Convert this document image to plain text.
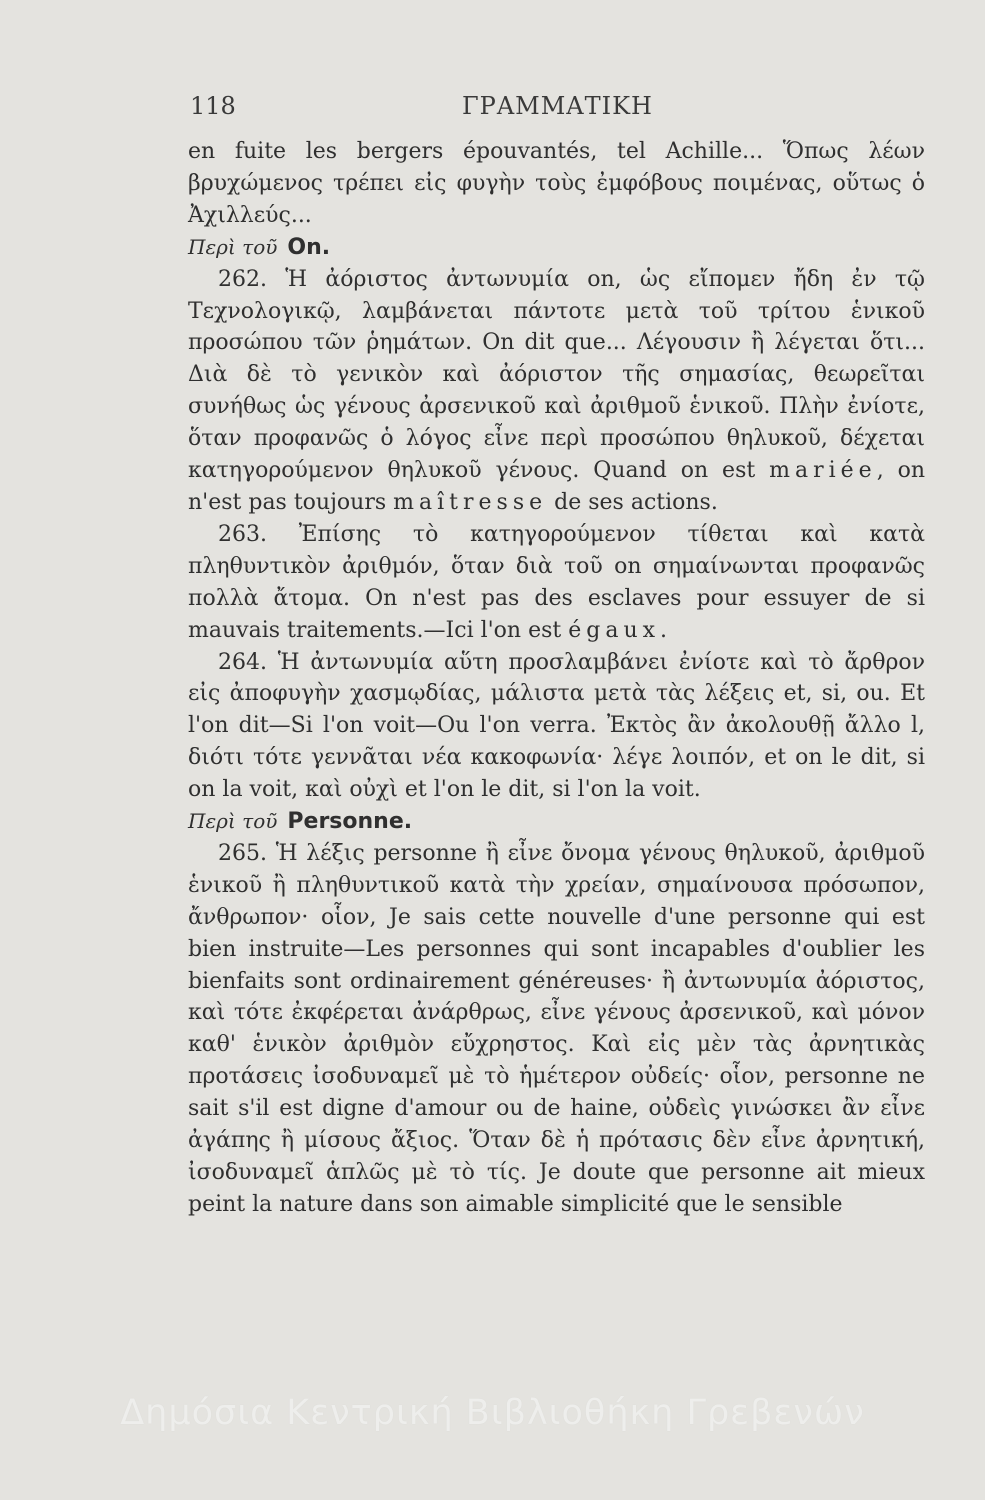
118	ΓΡΑΜΜΑΤΙΚΗ

en fuite les bergers épouvantés, tel Achille... Ὅπως λέων βρυχώμενος τρέπει εἰς φυγὴν τοὺς ἐμφόβους ποιμένας, οὕτως ὁ Ἀχιλλεύς...

Περὶ τοῦ On.

262. Ἡ ἀόριστος ἀντωνυμία on, ὡς εἴπομεν ἤδη ἐν τῷ Τεχνολογικῷ, λαμβάνεται πάντοτε μετὰ τοῦ τρίτου ἑνικοῦ προσώπου τῶν ῥημάτων. On dit que... Λέγουσιν ἢ λέγεται ὅτι... Διὰ δὲ τὸ γενικὸν καὶ ἀόριστον τῆς σημασίας, θεωρεῖται συνήθως ὡς γένους ἀρσενικοῦ καὶ ἀριθμοῦ ἑνικοῦ. Πλὴν ἐνίοτε, ὅταν προφανῶς ὁ λόγος εἶνε περὶ προσώπου θηλυκοῦ, δέχεται κατηγορούμενον θηλυκοῦ γένους. Quand on est mariée, on n'est pas toujours maîtresse de ses actions.

263. Ἐπίσης τὸ κατηγορούμενον τίθεται καὶ κατὰ πληθυντικὸν ἀριθμόν, ὅταν διὰ τοῦ on σημαίνωνται προφανῶς πολλὰ ἄτομα. On n'est pas des esclaves pour essuyer de si mauvais traitements.—Ici l'on est égaux.

264. Ἡ ἀντωνυμία αὕτη προσλαμβάνει ἐνίοτε καὶ τὸ ἄρθρον εἰς ἀποφυγὴν χασμῳδίας, μάλιστα μετὰ τὰς λέξεις et, si, ou. Et l'on dit—Si l'on voit—Ou l'on verra. Ἐκτὸς ἂν ἀκολουθῇ ἄλλο l, διότι τότε γεννᾶται νέα κακοφωνία· λέγε λοιπόν, et on le dit, si on la voit, καὶ οὐχὶ et l'on le dit, si l'on la voit.

Περὶ τοῦ Personne.

265. Ἡ λέξις personne ἢ εἶνε ὄνομα γένους θηλυκοῦ, ἀριθμοῦ ἑνικοῦ ἢ πληθυντικοῦ κατὰ τὴν χρείαν, σημαίνουσα πρόσωπον, ἄνθρωπον· οἷον, Je sais cette nouvelle d'une personne qui est bien instruite—Les personnes qui sont incapables d'oublier les bienfaits sont ordinairement généreuses· ἢ ἀντωνυμία ἀόριστος, καὶ τότε ἐκφέρεται ἀνάρθρως, εἶνε γένους ἀρσενικοῦ, καὶ μόνον καθ' ἑνικὸν ἀριθμὸν εὔχρηστος. Καὶ εἰς μὲν τὰς ἀρνητικὰς προτάσεις ἰσοδυναμεῖ μὲ τὸ ἡμέτερον οὐδείς· οἷον, personne ne sait s'il est digne d'amour ou de haine, οὐδεὶς γινώσκει ἂν εἶνε ἀγάπης ἢ μίσους ἄξιος. Ὅταν δὲ ἡ πρότασις δὲν εἶνε ἀρνητική, ἰσοδυναμεῖ ἁπλῶς μὲ τὸ τίς. Je doute que personne ait mieux peint la nature dans son aimable simplicité que le sensible

Δημόσια Κεντρική Βιβλιοθήκη Γρεβενών
